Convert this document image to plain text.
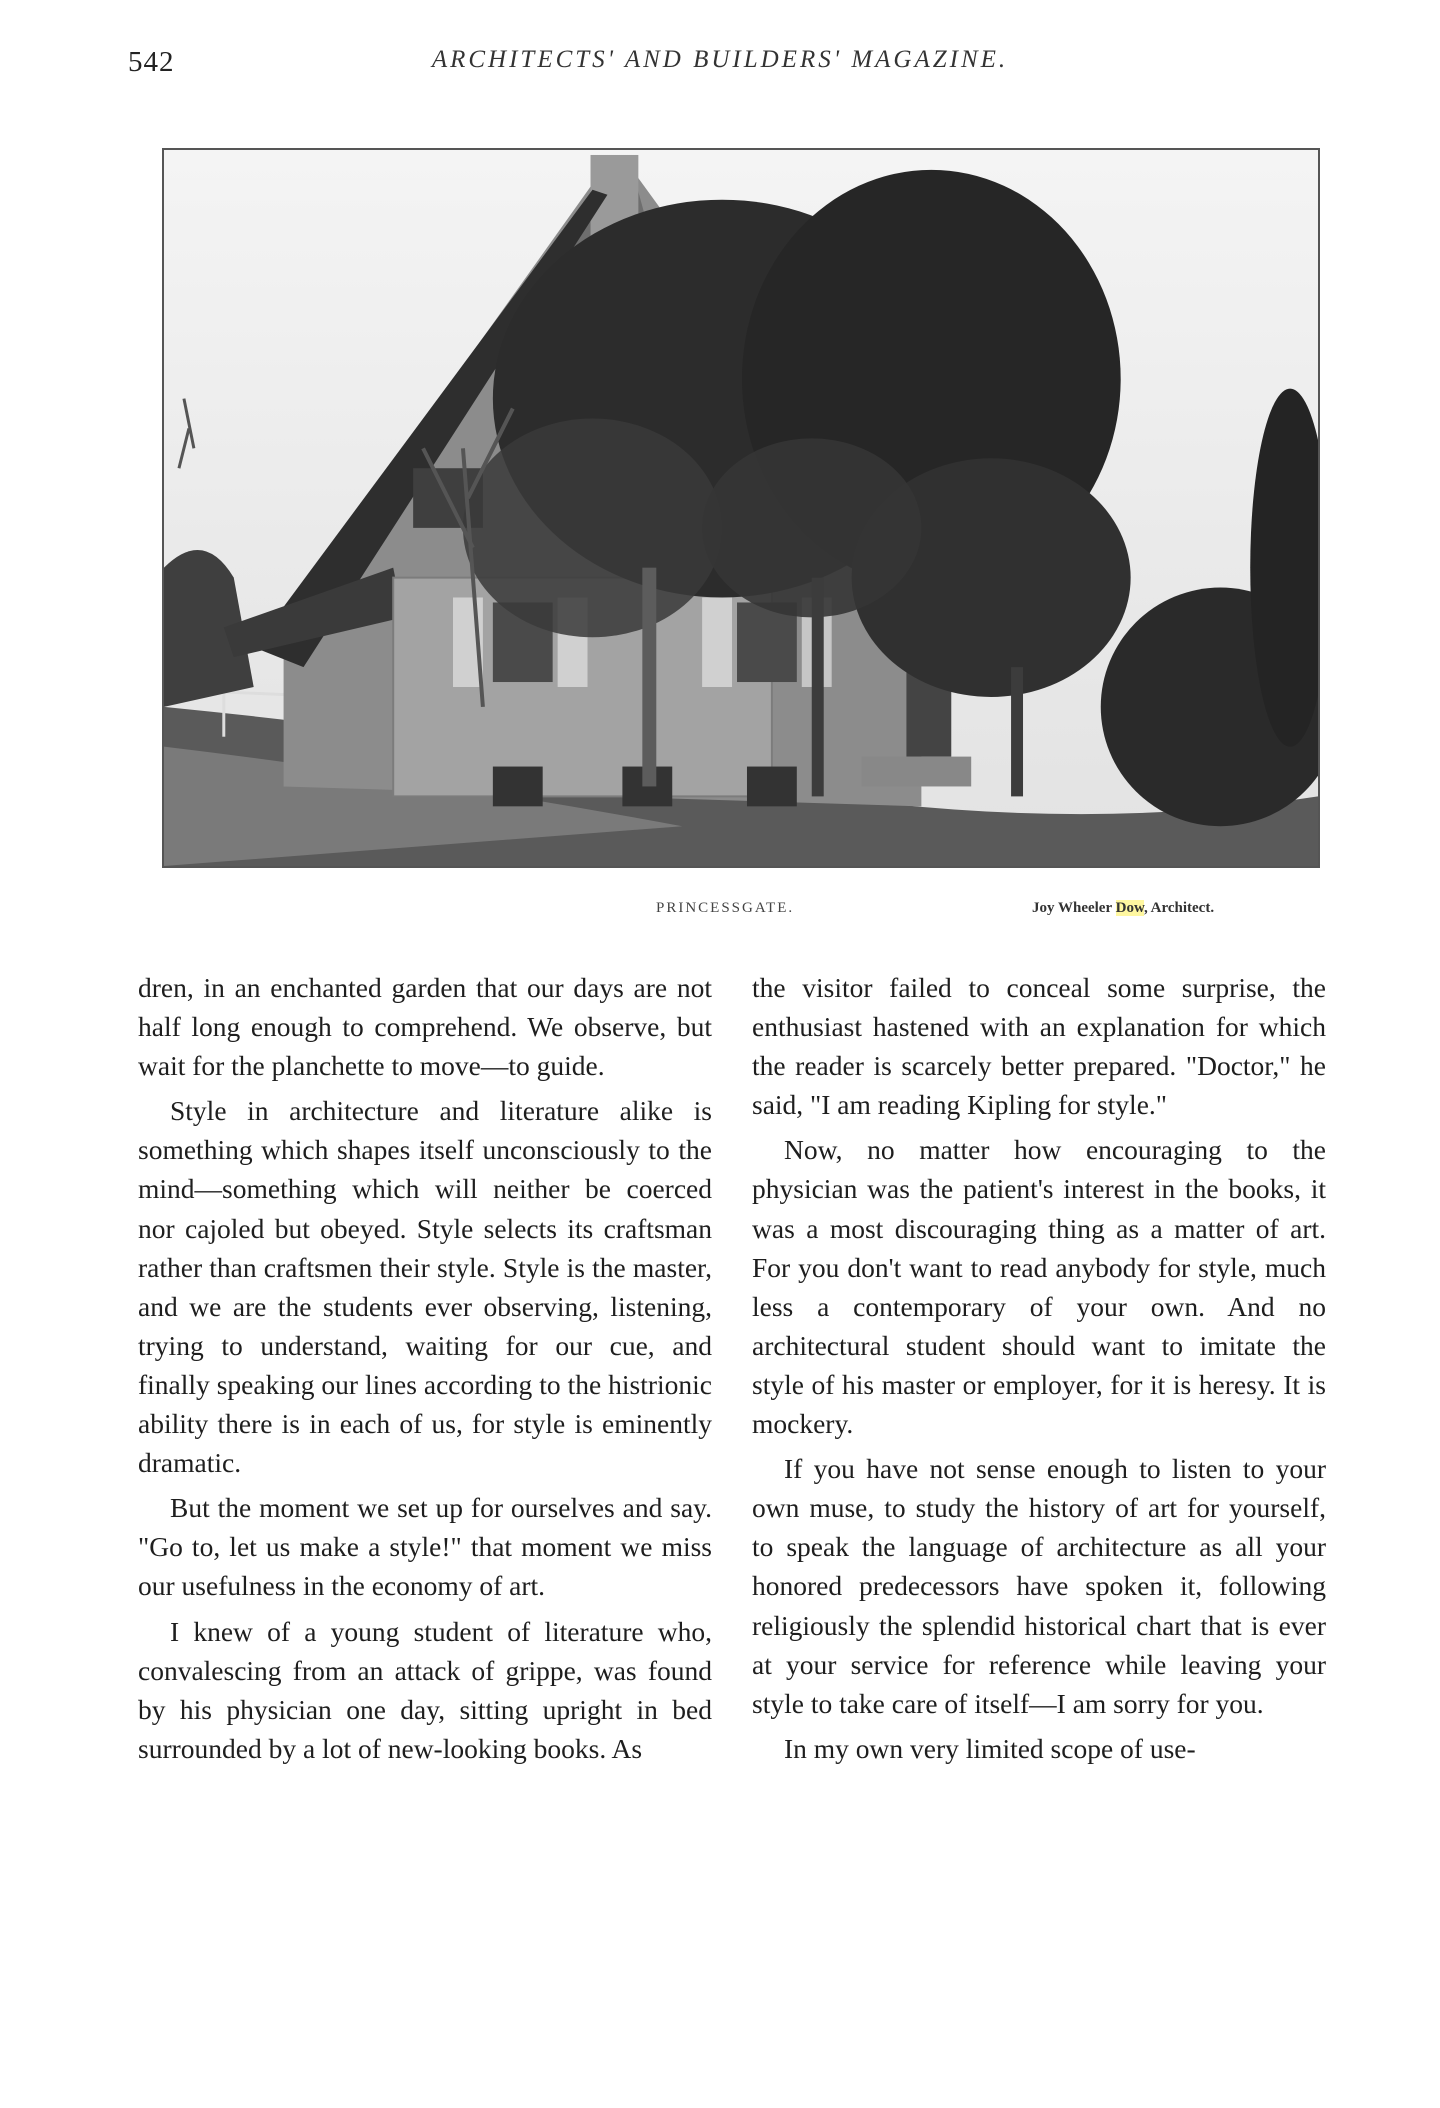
542	ARCHITECTS' AND BUILDERS' MAGAZINE.
PRINCESSGATE.	Joy Wheeler Dow, Architect.

dren, in an enchanted garden that our days are not half long enough to comprehend. We observe, but wait for the planchette to move—to guide.

Style in architecture and literature alike is something which shapes itself unconsciously to the mind—something which will neither be coerced nor cajoled but obeyed. Style selects its craftsman rather than craftsmen their style. Style is the master, and we are the students ever observing, listening, trying to understand, waiting for our cue, and finally speaking our lines according to the histrionic ability there is in each of us, for style is eminently dramatic.

But the moment we set up for ourselves and say. "Go to, let us make a style!" that moment we miss our usefulness in the economy of art.

I knew of a young student of literature who, convalescing from an attack of grippe, was found by his physician one day, sitting upright in bed surrounded by a lot of new-looking books. As

the visitor failed to conceal some surprise, the enthusiast hastened with an explanation for which the reader is scarcely better prepared. "Doctor," he said, "I am reading Kipling for style."

Now, no matter how encouraging to the physician was the patient's interest in the books, it was a most discouraging thing as a matter of art. For you don't want to read anybody for style, much less a contemporary of your own. And no architectural student should want to imitate the style of his master or employer, for it is heresy. It is mockery.

If you have not sense enough to listen to your own muse, to study the history of art for yourself, to speak the language of architecture as all your honored predecessors have spoken it, following religiously the splendid historical chart that is ever at your service for reference while leaving your style to take care of itself—I am sorry for you.

In my own very limited scope of use-
